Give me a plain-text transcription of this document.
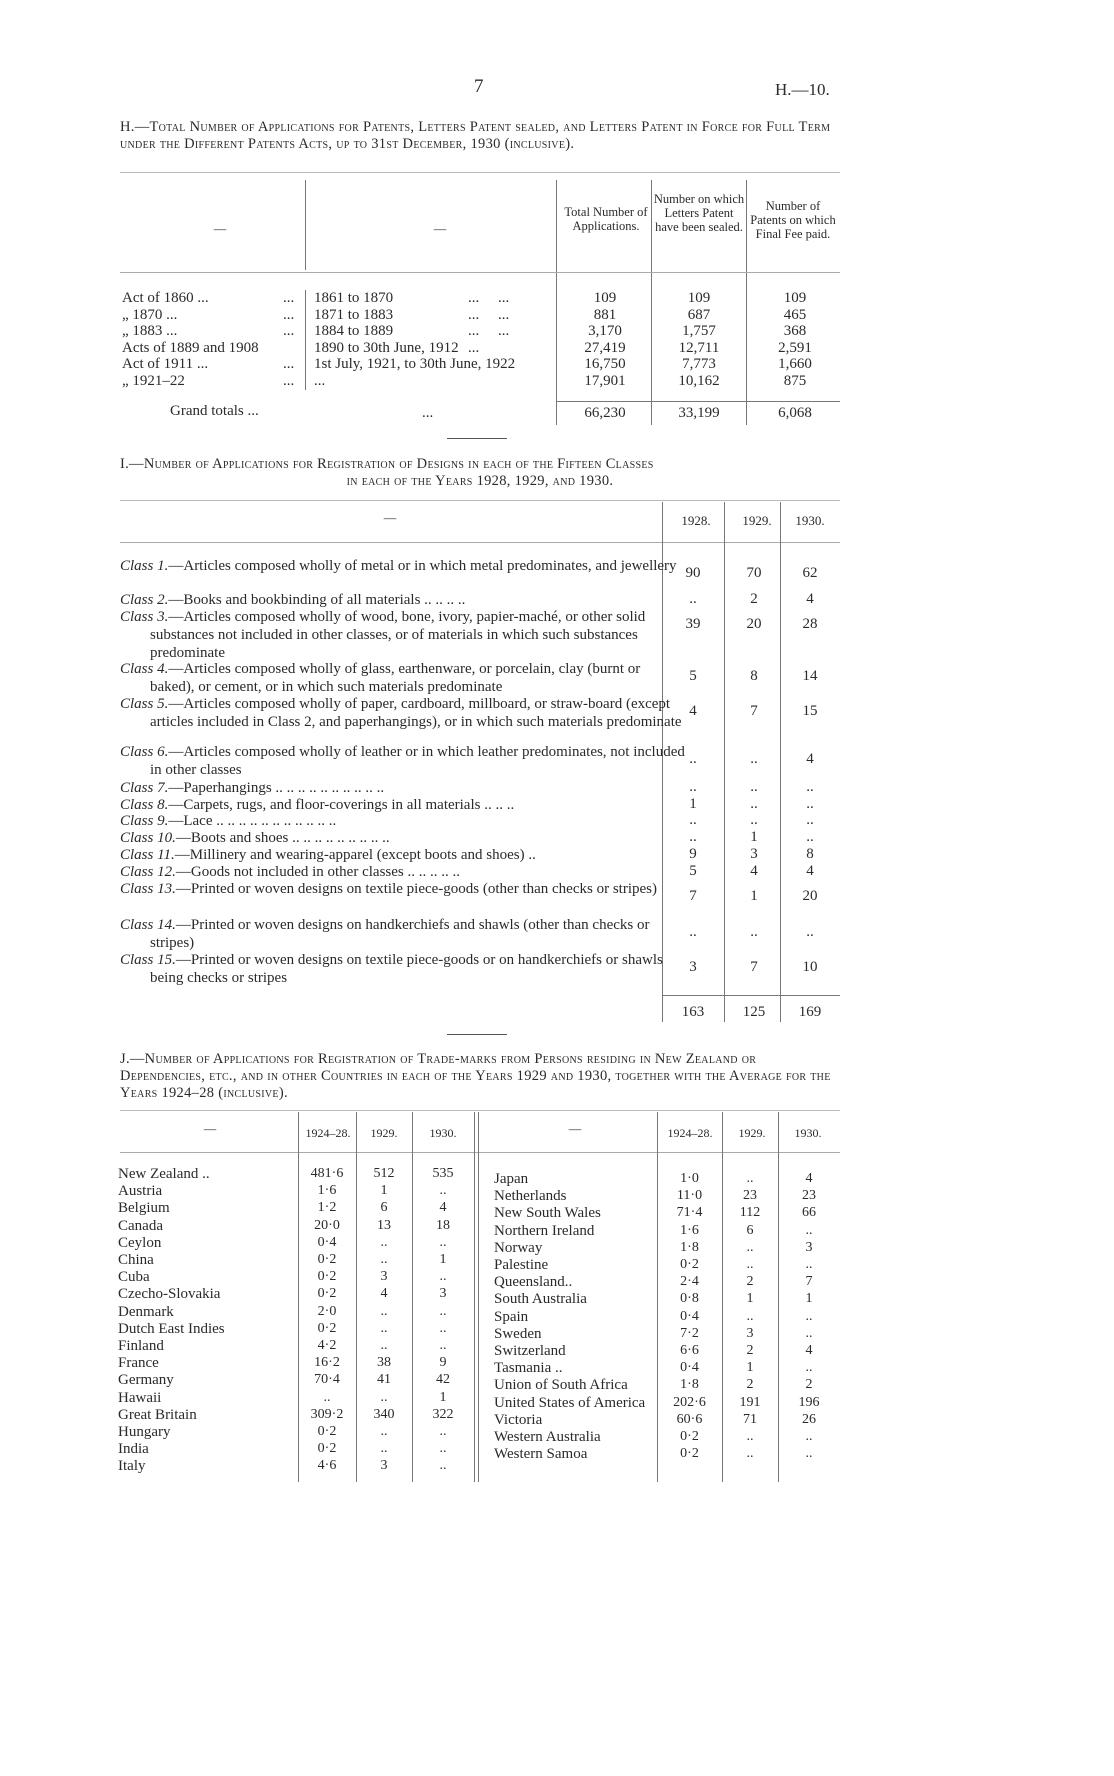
7	H.—10.
H.—Total Number of Applications for Patents, Letters Patent sealed, and Letters Patent in Force for Full Term under the Different Patents Acts, up to 31st December, 1930 (inclusive).
—	—
Total Number of Applications.
Number on which Letters Patent have been sealed.
Number of Patents on which Final Fee paid.
Act of 1860 ...	... 1861 to 1870	...     ...	109	109	109
„ 1870 ...	... 1871 to 1883	...     ...	881	687	465
„ 1883 ...	... 1884 to 1889	...     ...	3,170	1,757	368
Acts of 1889 and 1908	1890 to 30th June, 1912 ...	27,419	12,711	2,591
Act of 1911 ...	... 1st July, 1921, to 30th June, 1922	16,750	7,773	1,660
„ 1921–22	... ...	17,901	10,162	875
Grand totals ...	...	66,230	33,199	6,068
I.—Number of Applications for Registration of Designs in each of the Fifteen Classes
in each of the Years 1928, 1929, and 1930.
—	1928.	1929.	1930.
Class 1.—Articles composed wholly of metal or in which metal predominates, and jewellery 90	70	62
Class 2.—Books and bookbinding of all materials .. .. .. ..	..	2	4
Class 3.—Articles composed wholly of wood, bone, ivory, papier-maché, or other solid substances not included in other classes, or of materials in which such substances predominate
39	20	28
Class 4.—Articles composed wholly of glass, earthenware, or porcelain, clay (burnt or baked), or cement, or in which such materials predominate
5	8	14
Class 5.—Articles composed wholly of paper, cardboard, millboard, or straw-board (except articles included in Class 2, and paperhangings), or in which such materials predominate
4	7	15
Class 6.—Articles composed wholly of leather or in which leather predominates, not included in other classes
..	..	4
Class 7.—Paperhangings .. .. .. .. .. .. .. .. .. ..	..	..	..
Class 8.—Carpets, rugs, and floor-coverings in all materials .. .. ..	1	..	..
Class 9.—Lace .. .. .. .. .. .. .. .. .. .. ..	..	..	..
Class 10.—Boots and shoes .. .. .. .. .. .. .. .. ..	..	1	..
Class 11.—Millinery and wearing-apparel (except boots and shoes) ..	9	3	8
Class 12.—Goods not included in other classes .. .. .. .. ..	5	4	4
Class 13.—Printed or woven designs on textile piece-goods (other than checks or stripes)	7	1	20
Class 14.—Printed or woven designs on handkerchiefs and shawls (other than checks or stripes)
..	..	..
Class 15.—Printed or woven designs on textile piece-goods or on handkerchiefs or shawls being checks or stripes
3	7	10
163	125	169
J.—Number of Applications for Registration of Trade-marks from Persons residing in New Zealand or Dependencies, etc., and in other Countries in each of the Years 1929 and 1930, together with the Average for the Years 1924–28 (inclusive).
—	1924–28.	1929.	1930.	—	1924–28.	1929.	1930.
New Zealand ..	481·6	512	535
Austria	1·6	1	..
Belgium	1·2	6	4
Canada	20·0	13	18
Ceylon	0·4	..	..
China	0·2	..	1
Cuba	0·2	3	..
Czecho-Slovakia	0·2	4	3
Denmark	2·0	..	..
Dutch East Indies	0·2	..	..
Finland	4·2	..	..
France	16·2	38	9
Germany	70·4	41	42
Hawaii	..	..	1
Great Britain	309·2	340	322
Hungary	0·2	..	..
India	0·2	..	..
Italy	4·6	3	..
Japan	1·0	..	4
Netherlands	11·0	23	23
New South Wales	71·4	112	66
Northern Ireland	1·6	6	..
Norway	1·8	..	3
Palestine	0·2	..	..
Queensland..	2·4	2	7
South Australia	0·8	1	1
Spain	0·4	..	..
Sweden	7·2	3	..
Switzerland	6·6	2	4
Tasmania ..	0·4	1	..
Union of South Africa	1·8	2	2
United States of America	202·6	191	196
Victoria	60·6	71	26
Western Australia	0·2	..	..
Western Samoa	0·2	..	..
